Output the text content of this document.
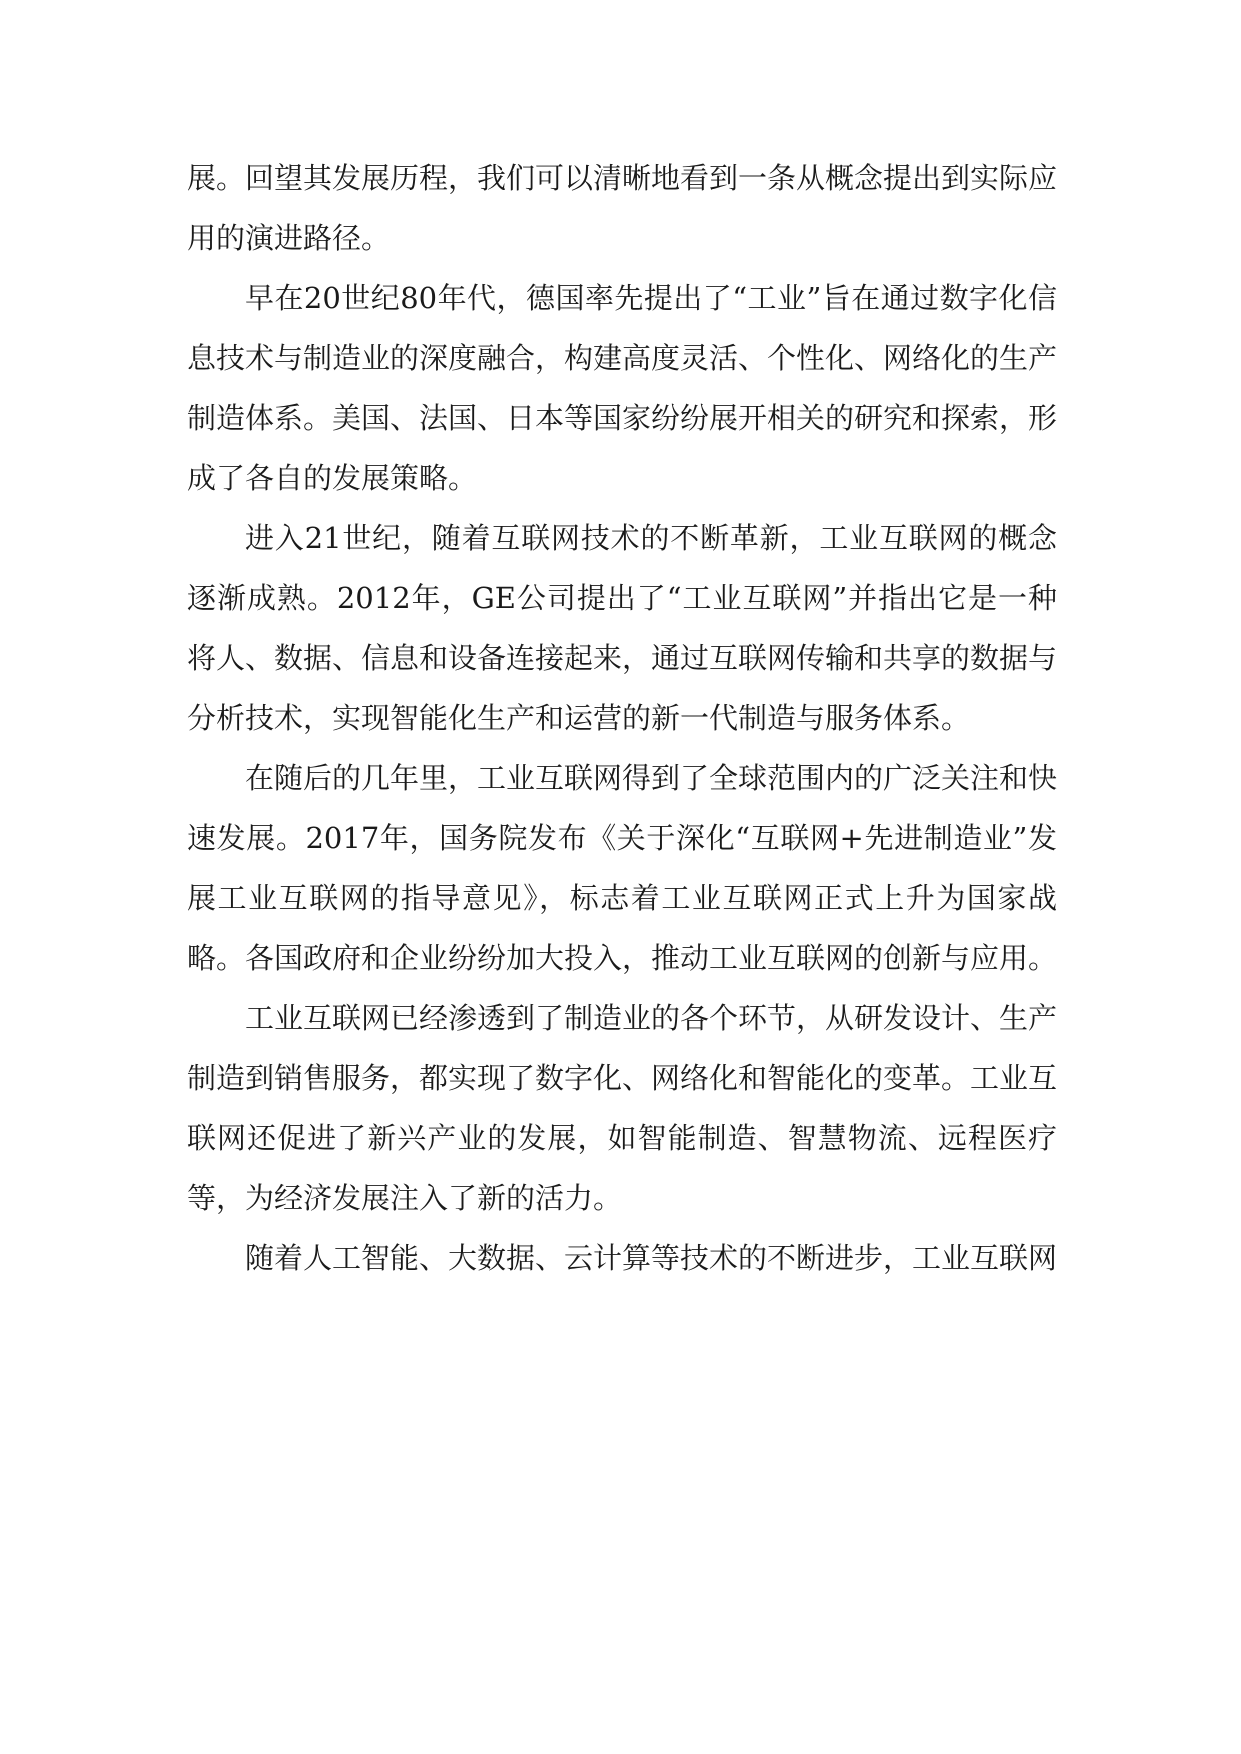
展。回望其发展历程，我们可以清晰地看到一条从概念提出到实际应用的演进路径。

早在20世纪80年代，德国率先提出了“工业”旨在通过数字化信息技术与制造业的深度融合，构建高度灵活、个性化、网络化的生产制造体系。美国、法国、日本等国家纷纷展开相关的研究和探索，形成了各自的发展策略。

进入21世纪，随着互联网技术的不断革新，工业互联网的概念逐渐成熟。2012年，GE公司提出了“工业互联网”并指出它是一种将人、数据、信息和设备连接起来，通过互联网传输和共享的数据与分析技术，实现智能化生产和运营的新一代制造与服务体系。

在随后的几年里，工业互联网得到了全球范围内的广泛关注和快速发展。2017年，国务院发布《关于深化“互联网+先进制造业”发展工业互联网的指导意见》，标志着工业互联网正式上升为国家战略。各国政府和企业纷纷加大投入，推动工业互联网的创新与应用。

工业互联网已经渗透到了制造业的各个环节，从研发设计、生产制造到销售服务，都实现了数字化、网络化和智能化的变革。工业互联网还促进了新兴产业的发展，如智能制造、智慧物流、远程医疗等，为经济发展注入了新的活力。

随着人工智能、大数据、云计算等技术的不断进步，工业互联网
